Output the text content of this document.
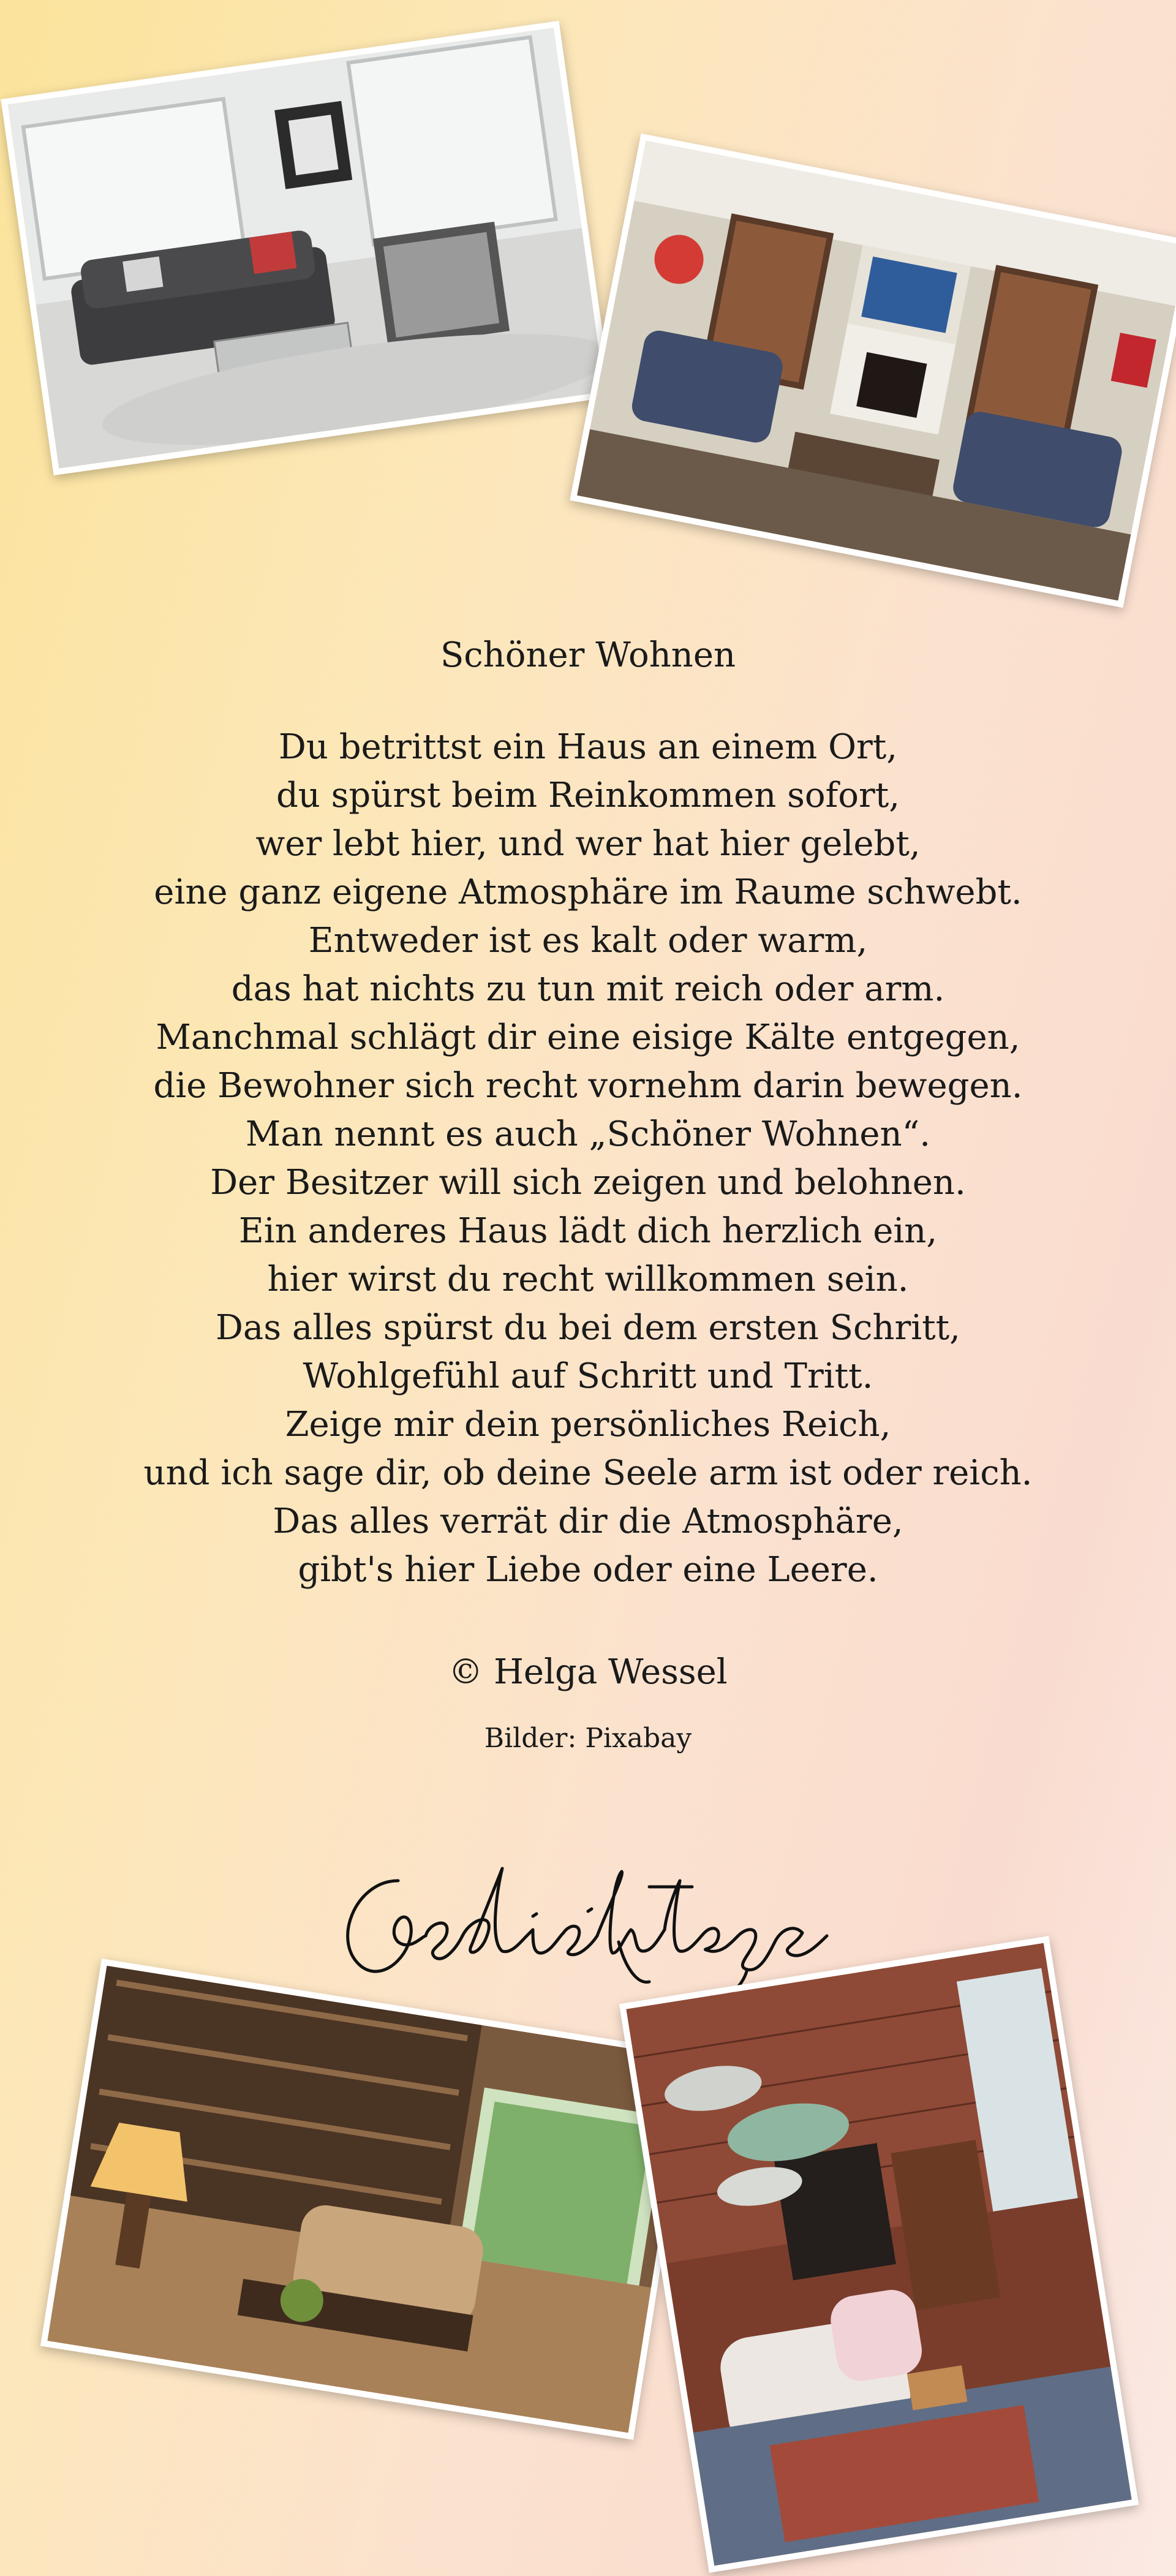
Schöner Wohnen
Du betrittst ein Haus an einem Ort,
du spürst beim Reinkommen sofort,
wer lebt hier, und wer hat hier gelebt,
eine ganz eigene Atmosphäre im Raume schwebt.
Entweder ist es kalt oder warm,
das hat nichts zu tun mit reich oder arm.
Manchmal schlägt dir eine eisige Kälte entgegen,
die Bewohner sich recht vornehm darin bewegen.
Man nennt es auch „Schöner Wohnen“.
Der Besitzer will sich zeigen und belohnen.
Ein anderes Haus lädt dich herzlich ein,
hier wirst du recht willkommen sein.
Das alles spürst du bei dem ersten Schritt,
Wohlgefühl auf Schritt und Tritt.
Zeige mir dein persönliches Reich,
und ich sage dir, ob deine Seele arm ist oder reich.
Das alles verrät dir die Atmosphäre,
gibt's hier Liebe oder eine Leere.
© Helga Wessel
Bilder: Pixabay
